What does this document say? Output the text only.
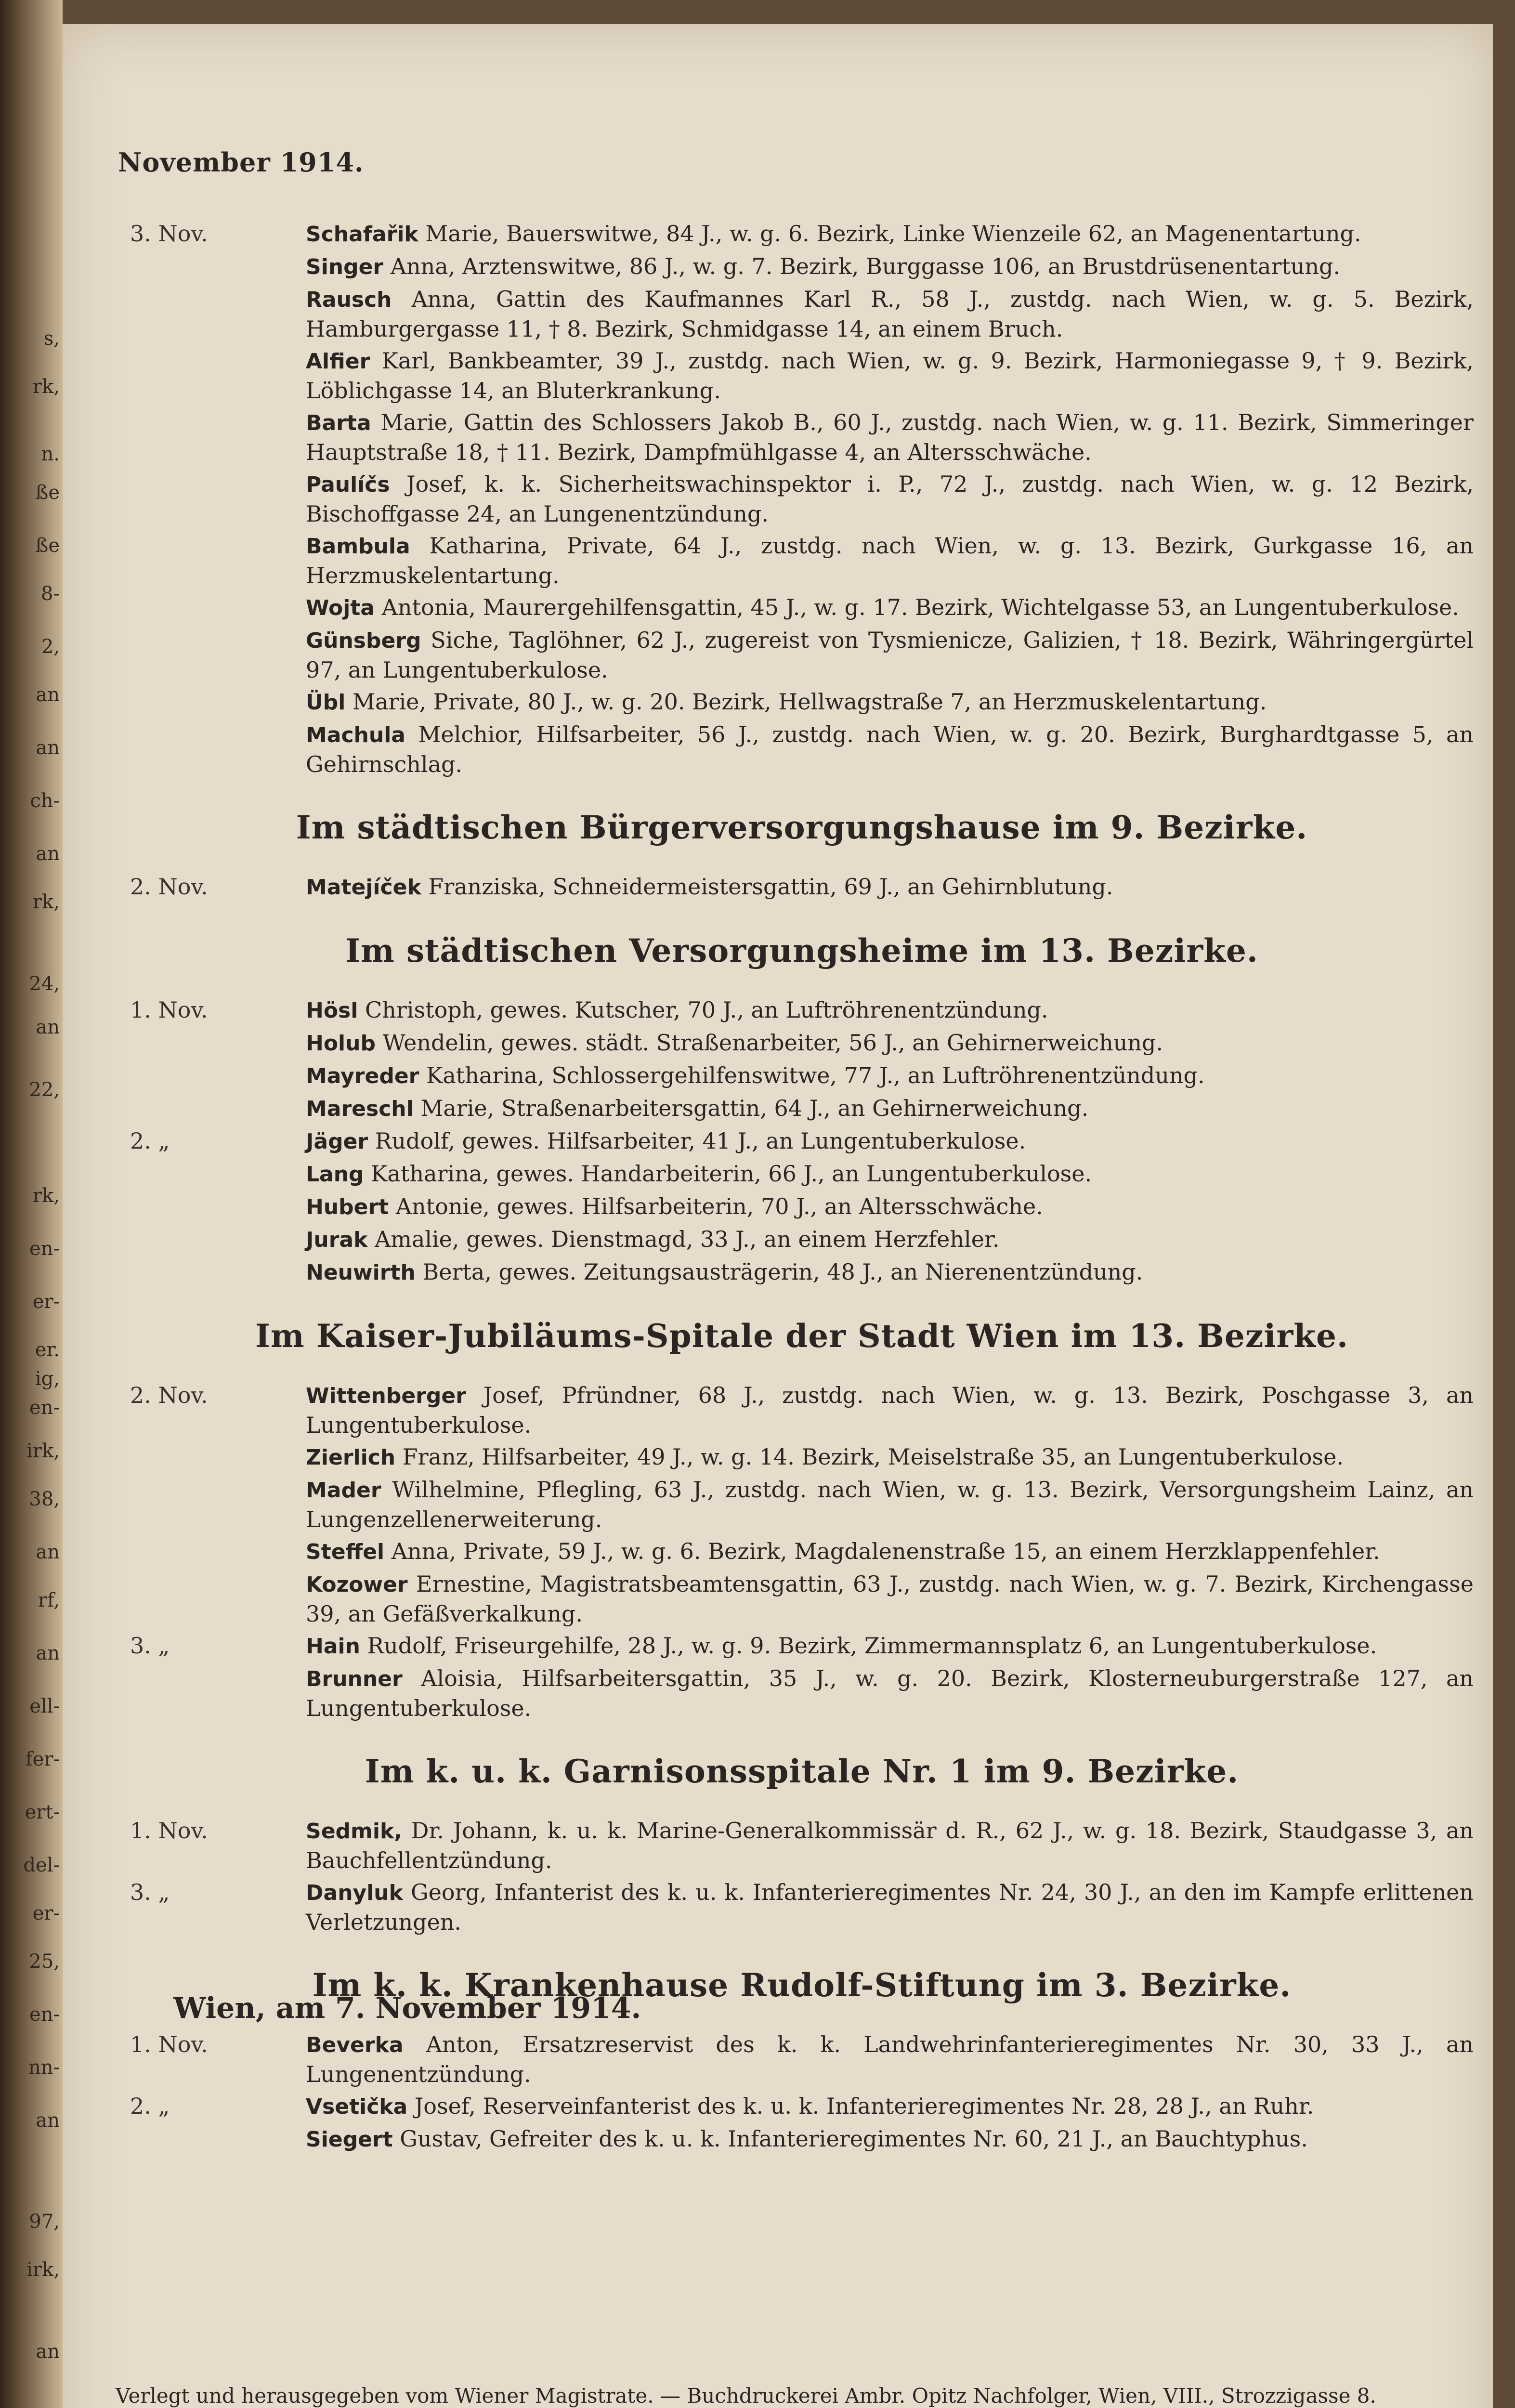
s,
rk,
n.
ße
ße
8-
2,
an
an
ch-
an
rk,
24,
an
22,
rk,
en-
er-
er.
ig,
en-
irk,
38,
an
rf,
an
ell-
fer-
ert-
del-
er-
25,
en-
nn-
an
97,
irk,
an
November 1914.
3. Nov.	Schafařik Marie, Bauerswitwe, 84 J., w. g. 6. Bezirk, Linke Wienzeile 62, an Magenentartung.
Singer Anna, Arztenswitwe, 86 J., w. g. 7. Bezirk, Burggasse 106, an Brustdrüsenentartung.
Rausch Anna, Gattin des Kaufmannes Karl R., 58 J., zustdg. nach Wien, w. g. 5. Bezirk, Hamburgergasse 11, † 8. Bezirk, Schmidgasse 14, an einem Bruch.
Alfier Karl, Bankbeamter, 39 J., zustdg. nach Wien, w. g. 9. Bezirk, Harmoniegasse 9, † 9. Bezirk, Löblichgasse 14, an Bluterkrankung.
Barta Marie, Gattin des Schlossers Jakob B., 60 J., zustdg. nach Wien, w. g. 11. Bezirk, Simmeringer Hauptstraße 18, † 11. Bezirk, Dampfmühlgasse 4, an Altersschwäche.
Paulíčs Josef, k. k. Sicherheitswachinspektor i. P., 72 J., zustdg. nach Wien, w. g. 12 Bezirk, Bischoffgasse 24, an Lungenentzündung.
Bambula Katharina, Private, 64 J., zustdg. nach Wien, w. g. 13. Bezirk, Gurkgasse 16, an Herzmuskelentartung.
Wojta Antonia, Maurergehilfensgattin, 45 J., w. g. 17. Bezirk, Wichtelgasse 53, an Lungentuberkulose.
Günsberg Siche, Taglöhner, 62 J., zugereist von Tysmienicze, Galizien, † 18. Bezirk, Währingergürtel 97, an Lungentuberkulose.
Übl Marie, Private, 80 J., w. g. 20. Bezirk, Hellwagstraße 7, an Herzmuskelentartung.
Machula Melchior, Hilfsarbeiter, 56 J., zustdg. nach Wien, w. g. 20. Bezirk, Burghardtgasse 5, an Gehirnschlag.
Im städtischen Bürgerversorgungshause im 9. Bezirke.
2. Nov.	Matejíček Franziska, Schneidermeistersgattin, 69 J., an Gehirnblutung.
Im städtischen Versorgungsheime im 13. Bezirke.
1. Nov.	Hösl Christoph, gewes. Kutscher, 70 J., an Luftröhrenentzündung.
Holub Wendelin, gewes. städt. Straßenarbeiter, 56 J., an Gehirnerweichung.
Mayreder Katharina, Schlossergehilfenswitwe, 77 J., an Luftröhrenentzündung.
Mareschl Marie, Straßenarbeitersgattin, 64 J., an Gehirnerweichung.
2. „	Jäger Rudolf, gewes. Hilfsarbeiter, 41 J., an Lungentuberkulose.
Lang Katharina, gewes. Handarbeiterin, 66 J., an Lungentuberkulose.
Hubert Antonie, gewes. Hilfsarbeiterin, 70 J., an Altersschwäche.
Jurak Amalie, gewes. Dienstmagd, 33 J., an einem Herzfehler.
Neuwirth Berta, gewes. Zeitungsausträgerin, 48 J., an Nierenentzündung.
Im Kaiser-Jubiläums-Spitale der Stadt Wien im 13. Bezirke.
2. Nov.	Wittenberger Josef, Pfründner, 68 J., zustdg. nach Wien, w. g. 13. Bezirk, Poschgasse 3, an Lungentuberkulose.
Zierlich Franz, Hilfsarbeiter, 49 J., w. g. 14. Bezirk, Meiselstraße 35, an Lungentuberkulose.
Mader Wilhelmine, Pflegling, 63 J., zustdg. nach Wien, w. g. 13. Bezirk, Versorgungsheim Lainz, an Lungenzellenerweiterung.
Steffel Anna, Private, 59 J., w. g. 6. Bezirk, Magdalenenstraße 15, an einem Herzklappenfehler.
Kozower Ernestine, Magistratsbeamtensgattin, 63 J., zustdg. nach Wien, w. g. 7. Bezirk, Kirchengasse 39, an Gefäßverkalkung.
3. „	Hain Rudolf, Friseurgehilfe, 28 J., w. g. 9. Bezirk, Zimmermannsplatz 6, an Lungentuberkulose.
Brunner Aloisia, Hilfsarbeitersgattin, 35 J., w. g. 20. Bezirk, Klosterneuburgerstraße 127, an Lungentuberkulose.
Im k. u. k. Garnisonsspitale Nr. 1 im 9. Bezirke.
1. Nov.	Sedmik, Dr. Johann, k. u. k. Marine-Generalkommissär d. R., 62 J., w. g. 18. Bezirk, Staudgasse 3, an Bauchfellentzündung.
3. „	Danyluk Georg, Infanterist des k. u. k. Infanterieregimentes Nr. 24, 30 J., an den im Kampfe erlittenen Verletzungen.
Im k. k. Krankenhause Rudolf-Stiftung im 3. Bezirke.
1. Nov.	Beverka Anton, Ersatzreservist des k. k. Landwehrinfanterieregimentes Nr. 30, 33 J., an Lungenentzündung.
2. „	Vsetička Josef, Reserveinfanterist des k. u. k. Infanterieregimentes Nr. 28, 28 J., an Ruhr.
Siegert Gustav, Gefreiter des k. u. k. Infanterieregimentes Nr. 60, 21 J., an Bauchtyphus.
Wien, am 7. November 1914.
Verlegt und herausgegeben vom Wiener Magistrate. — Buchdruckerei Ambr. Opitz Nachfolger, Wien, VIII., Strozzigasse 8.
